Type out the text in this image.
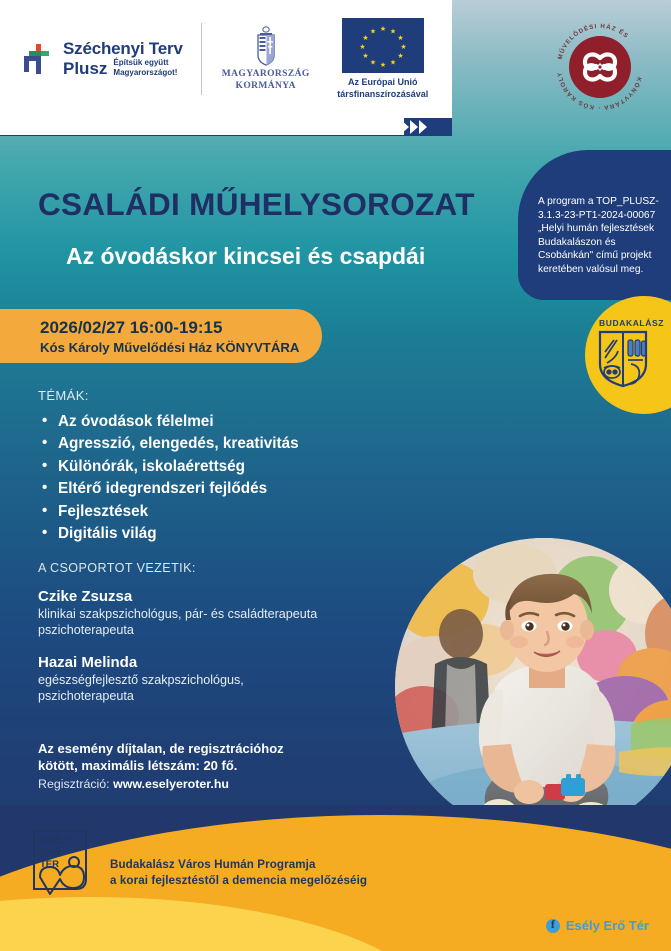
Széchenyi Terv
Plusz Építsük együtt
Magyarországot!	MAGYARORSZÁG
KORMÁNYA
★ ★
★
★
★
★
★
★
★
★
★
★
Az Európai Unió
társfinanszírozásával
MŰVELŐDÉSI HÁZ ÉS
KÖNYVTÁRA · KÓS KÁROLY
CSALÁDI MŰHELYSOROZAT
Az óvodáskor kincsei és csapdái

A program a TOP_PLUSZ-3.1.3-23-PT1-2024-00067 „Helyi humán fejlesztések Budakalászon és Csobánkán" című projekt keretében valósul meg.

BUDAKALÁSZ
2026/02/27 16:00-19:15
Kós Károly Művelődési Ház KÖNYVTÁRA
TÉMÁK:
• Az óvodások félelmei
• Agresszió, elengedés, kreativitás
• Különórák, iskolaérettség
• Eltérő idegrendszeri fejlődés
• Fejlesztések
• Digitális világ
A CSOPORTOT VEZETIK:
Czike Zsuzsa
klinikai szakpszichológus, pár- és családterapeuta
pszichoterapeuta
Hazai Melinda
egészségfejlesztő szakpszichológus,
pszichoterapeuta
Az esemény díjtalan, de regisztrációhoz
kötött, maximális létszám: 20 fő.
Regisztráció: www.eselyeroter.hu
ESÉLY
ERŐ
TÉR	Budakalász Város Humán Programja
a korai fejlesztéstől a demencia megelőzéséig
f
Esély Erő Tér
